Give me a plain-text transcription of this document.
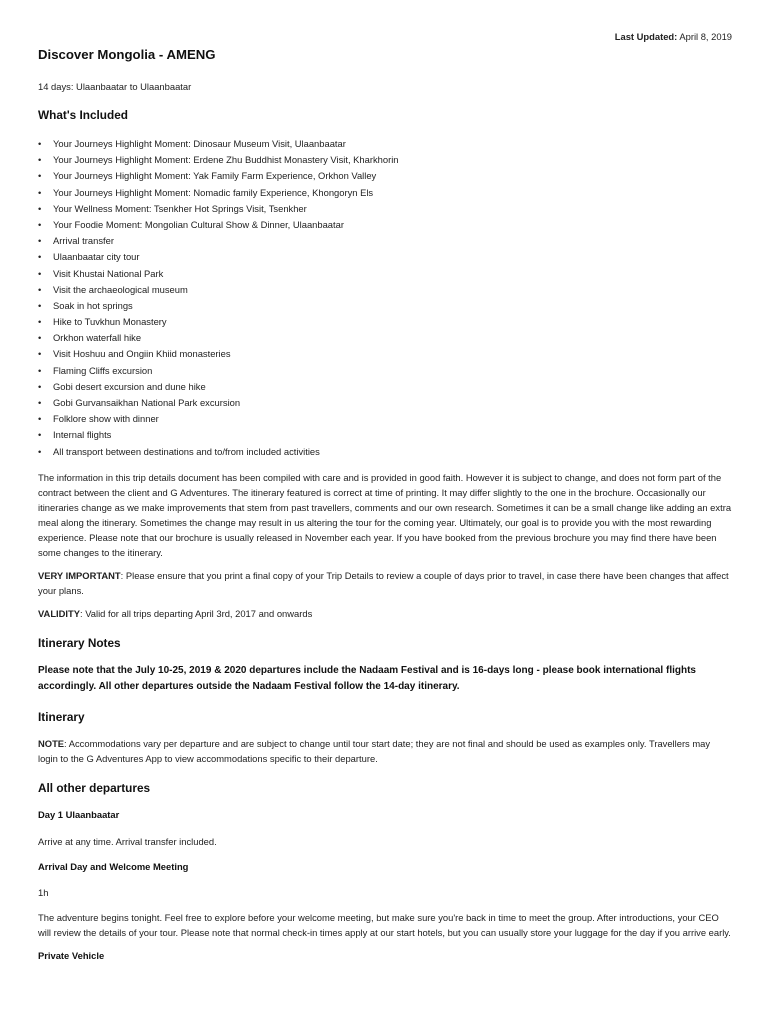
Last Updated: April 8, 2019
Discover Mongolia - AMENG

14 days: Ulaanbaatar to Ulaanbaatar

What's Included
• Your Journeys Highlight Moment: Dinosaur Museum Visit, Ulaanbaatar
• Your Journeys Highlight Moment: Erdene Zhu Buddhist Monastery Visit, Kharkhorin
• Your Journeys Highlight Moment: Yak Family Farm Experience, Orkhon Valley
• Your Journeys Highlight Moment: Nomadic family Experience, Khongoryn Els
• Your Wellness Moment: Tsenkher Hot Springs Visit, Tsenkher
• Your Foodie Moment: Mongolian Cultural Show & Dinner, Ulaanbaatar
• Arrival transfer
• Ulaanbaatar city tour
• Visit Khustai National Park
• Visit the archaeological museum
• Soak in hot springs
• Hike to Tuvkhun Monastery
• Orkhon waterfall hike
• Visit Hoshuu and Ongiin Khiid monasteries
• Flaming Cliffs excursion
• Gobi desert excursion and dune hike
• Gobi Gurvansaikhan National Park excursion
• Folklore show with dinner
• Internal flights
• All transport between destinations and to/from included activities

The information in this trip details document has been compiled with care and is provided in good faith. However it is subject to change, and does not form part of the contract between the client and G Adventures. The itinerary featured is correct at time of printing. It may differ slightly to the one in the brochure. Occasionally our itineraries change as we make improvements that stem from past travellers, comments and our own research. Sometimes it can be a small change like adding an extra meal along the itinerary. Sometimes the change may result in us altering the tour for the coming year. Ultimately, our goal is to provide you with the most rewarding experience. Please note that our brochure is usually released in November each year. If you have booked from the previous brochure you may find there have been some changes to the itinerary.

VERY IMPORTANT: Please ensure that you print a final copy of your Trip Details to review a couple of days prior to travel, in case there have been changes that affect your plans.

VALIDITY: Valid for all trips departing April 3rd, 2017 and onwards

Itinerary Notes

Please note that the July 10-25, 2019 & 2020 departures include the Nadaam Festival and is 16-days long - please book international flights accordingly. All other departures outside the Nadaam Festival follow the 14-day itinerary.

Itinerary

NOTE: Accommodations vary per departure and are subject to change until tour start date; they are not final and should be used as examples only. Travellers may login to the G Adventures App to view accommodations specific to their departure.

All other departures
Day 1 Ulaanbaatar

Arrive at any time. Arrival transfer included.

Arrival Day and Welcome Meeting

1h

The adventure begins tonight. Feel free to explore before your welcome meeting, but make sure you're back in time to meet the group. After introductions, your CEO will review the details of your tour. Please note that normal check-in times apply at our start hotels, but you can usually store your luggage for the day if you arrive early.

Private Vehicle
